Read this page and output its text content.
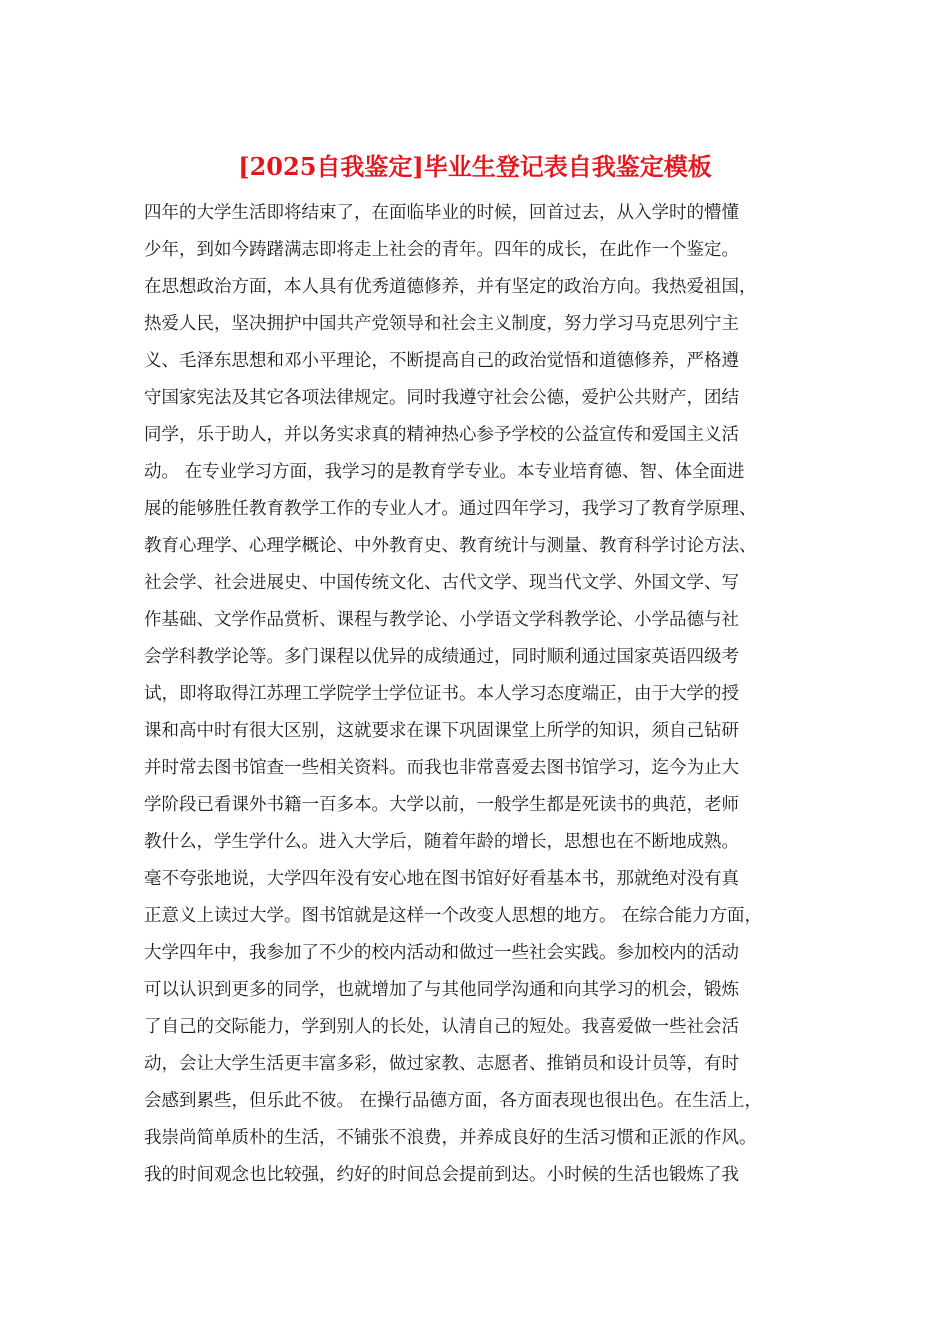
[2025自我鉴定]毕业生登记表自我鉴定模板
四年的大学生活即将结束了，在面临毕业的时候，回首过去，从入学时的懵懂
少年，到如今踌躇满志即将走上社会的青年。四年的成长，在此作一个鉴定。
在思想政治方面，本人具有优秀道德修养，并有坚定的政治方向。我热爱祖国，
热爱人民，坚决拥护中国共产党领导和社会主义制度，努力学习马克思列宁主
义、毛泽东思想和邓小平理论，不断提高自己的政治觉悟和道德修养，严格遵
守国家宪法及其它各项法律规定。同时我遵守社会公德，爱护公共财产，团结
同学，乐于助人，并以务实求真的精神热心参予学校的公益宣传和爱国主义活
动。 在专业学习方面，我学习的是教育学专业。本专业培育德、智、体全面进
展的能够胜任教育教学工作的专业人才。通过四年学习，我学习了教育学原理、
教育心理学、心理学概论、中外教育史、教育统计与测量、教育科学讨论方法、
社会学、社会进展史、中国传统文化、古代文学、现当代文学、外国文学、写
作基础、文学作品赏析、课程与教学论、小学语文学科教学论、小学品德与社
会学科教学论等。多门课程以优异的成绩通过，同时顺利通过国家英语四级考
试，即将取得江苏理工学院学士学位证书。本人学习态度端正，由于大学的授
课和高中时有很大区别，这就要求在课下巩固课堂上所学的知识，须自己钻研
并时常去图书馆查一些相关资料。而我也非常喜爱去图书馆学习，迄今为止大
学阶段已看课外书籍一百多本。大学以前，一般学生都是死读书的典范，老师
教什么，学生学什么。进入大学后，随着年龄的增长，思想也在不断地成熟。
毫不夸张地说，大学四年没有安心地在图书馆好好看基本书，那就绝对没有真
正意义上读过大学。图书馆就是这样一个改变人思想的地方。 在综合能力方面，
大学四年中，我参加了不少的校内活动和做过一些社会实践。参加校内的活动
可以认识到更多的同学，也就增加了与其他同学沟通和向其学习的机会，锻炼
了自己的交际能力，学到别人的长处，认清自己的短处。我喜爱做一些社会活
动，会让大学生活更丰富多彩，做过家教、志愿者、推销员和设计员等，有时
会感到累些，但乐此不彼。 在操行品德方面，各方面表现也很出色。在生活上，
我崇尚简单质朴的生活，不铺张不浪费，并养成良好的生活习惯和正派的作风。
我的时间观念也比较强，约好的时间总会提前到达。小时候的生活也锻炼了我
